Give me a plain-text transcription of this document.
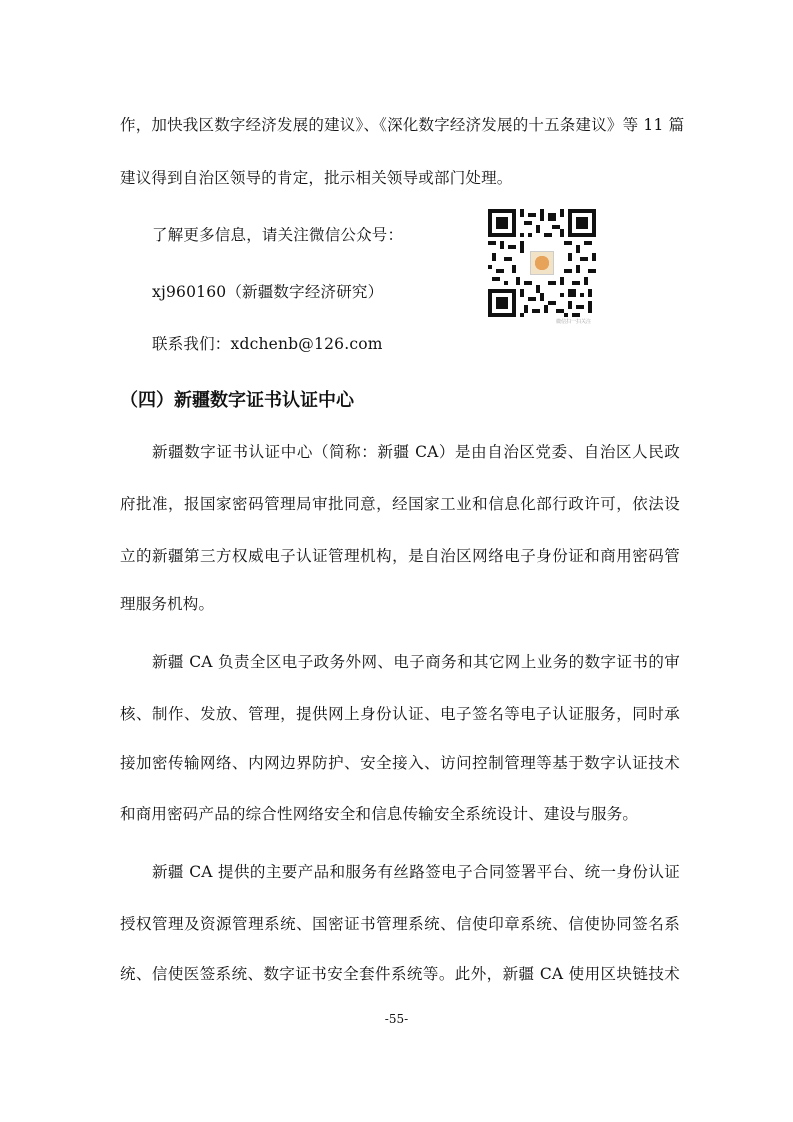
作，加快我区数字经济发展的建议》、《深化数字经济发展的十五条建议》等 11 篇
建议得到自治区领导的肯定，批示相关领导或部门处理。
了解更多信息，请关注微信公众号：
xj960160（新疆数字经济研究）
联系我们：xdchenb@126.com
微信扫一扫关注
（四）新疆数字证书认证中心
新疆数字证书认证中心（简称：新疆 CA）是由自治区党委、自治区人民政
府批准，报国家密码管理局审批同意，经国家工业和信息化部行政许可，依法设
立的新疆第三方权威电子认证管理机构，是自治区网络电子身份证和商用密码管
理服务机构。
新疆 CA 负责全区电子政务外网、电子商务和其它网上业务的数字证书的审
核、制作、发放、管理，提供网上身份认证、电子签名等电子认证服务，同时承
接加密传输网络、内网边界防护、安全接入、访问控制管理等基于数字认证技术
和商用密码产品的综合性网络安全和信息传输安全系统设计、建设与服务。
新疆 CA 提供的主要产品和服务有丝路签电子合同签署平台、统一身份认证
授权管理及资源管理系统、国密证书管理系统、信使印章系统、信使协同签名系
统、信使医签系统、数字证书安全套件系统等。此外，新疆 CA 使用区块链技术
-55-
